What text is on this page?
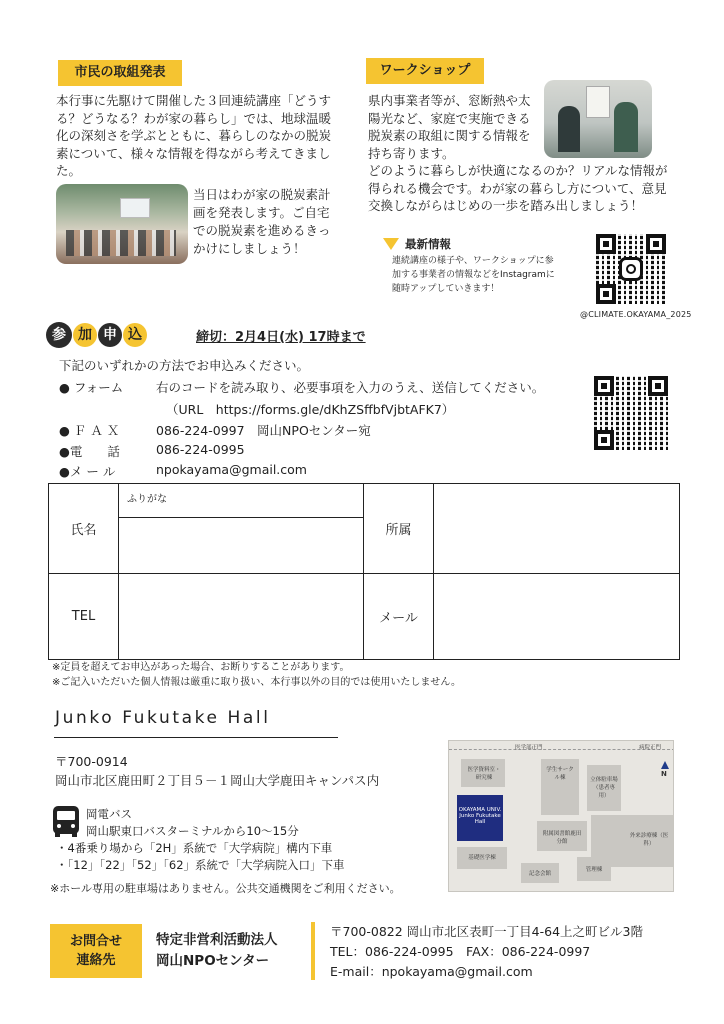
市民の取組発表
本行事に先駆けて開催した３回連続講座「どうす
る？どうなる？わが家の暮らし」では、地球温暖
化の深刻さを学ぶとともに、暮らしのなかの脱炭
素について、様々な情報を得ながら考えてきまし
た。
当日はわが家の脱炭素計
画を発表します。ご自宅
での脱炭素を進めるきっ
かけにしましょう！
ワークショップ
県内事業者等が、窓断熱や太
陽光など、家庭で実施できる
脱炭素の取組に関する情報を
持ち寄ります。
どのように暮らしが快適になるのか？リアルな情報が
得られる機会です。わが家の暮らし方について、意見
交換しながらはじめの一歩を踏み出しましょう！
最新情報
連続講座の様子や、ワークショップに参
加する事業者の情報などをInstagramに
随時アップしていきます！
@CLIMATE.OKAYAMA_2025
参 加 申 込	締切：2月4日(水) 17時まで
下記のいずれかの方法でお申込みください。
● フォーム	右のコードを読み取り、必要事項を入力のうえ、送信してください。
（URL　https://forms.gle/dKhZSffbfVjbtAFK7）
● Ｆ Ａ Ｘ	086-224-0997　岡山NPOセンター宛
●電　　話	086-224-0995
●メ ー ル	npokayama@gmail.com
氏名	ふりがな	所属	

TEL		メール	
※定員を超えてお申込があった場合、お断りすることがあります。
※ご記入いただいた個人情報は厳重に取り扱い、本行事以外の目的では使用いたしません。
Junko Fukutake Hall
〒700-0914
岡山市北区鹿田町２丁目５－１岡山大学鹿田キャンパス内
岡電バス
岡山駅東口バスターミナルから10〜15分
・4番乗り場から「2H」系統で「大学病院」構内下車
・「12」「22」「52」「62」系統で「大学病院入口」下車
※ホール専用の駐車場はありません。公共交通機関をご利用ください。
医学部正門	病院正門
N
医学資料室・研究棟
学生サークル棟	立体駐車場（患者専用）
OKAYAMA UNIV. Junko Fukutake Hall
附属図書館鹿田分館
外来診療棟（医科）
基礎医学棟
記念会館
管理棟
お問合せ
連絡先
特定非営利活動法人
岡山NPOセンター
〒700-0822 岡山市北区表町一丁目4-64上之町ビル3階
TEL：086-224-0995　FAX：086-224-0997
E-mail：npokayama@gmail.com
